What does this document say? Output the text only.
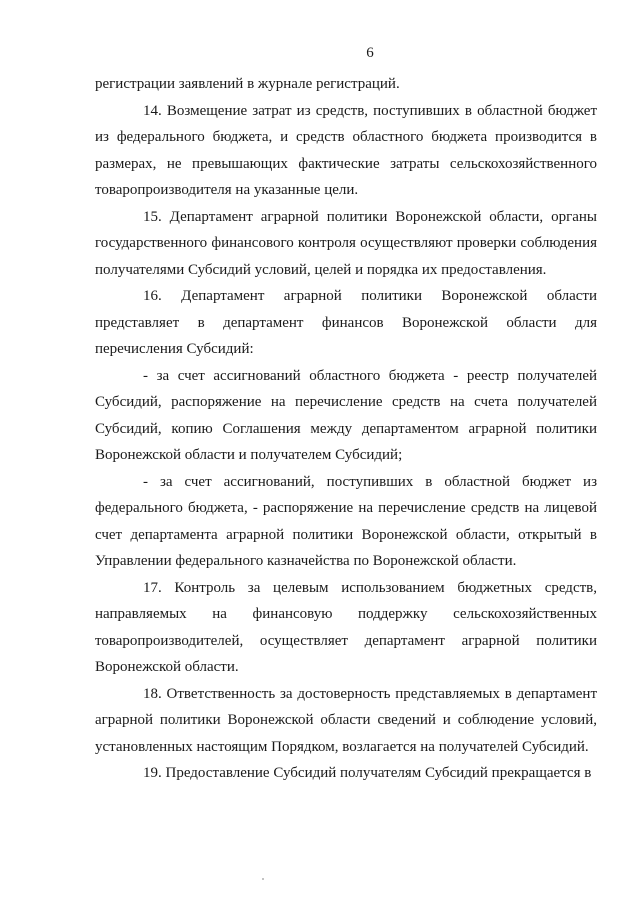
6

регистрации заявлений в журнале регистраций.

14. Возмещение затрат из средств, поступивших в областной бюджет из федерального бюджета, и средств областного бюджета производится в размерах, не превышающих фактические затраты сельскохозяйственного товаропроизводителя на указанные цели.

15. Департамент аграрной политики Воронежской области, органы государственного финансового контроля осуществляют проверки соблюдения получателями Субсидий условий, целей и порядка их предоставления.

16. Департамент аграрной политики Воронежской области представляет в департамент финансов Воронежской области для перечисления Субсидий:

- за счет ассигнований областного бюджета - реестр получателей Субсидий, распоряжение на перечисление средств на счета получателей Субсидий, копию Соглашения между департаментом аграрной политики Воронежской области и получателем Субсидий;

- за счет ассигнований, поступивших в областной бюджет из федерального бюджета, - распоряжение на перечисление средств на лицевой счет департамента аграрной политики Воронежской области, открытый в Управлении федерального казначейства по Воронежской области.

17. Контроль за целевым использованием бюджетных средств, направляемых на финансовую поддержку сельскохозяйственных товаропроизводителей, осуществляет департамент аграрной политики Воронежской области.

18. Ответственность за достоверность представляемых в департамент аграрной политики Воронежской области сведений и соблюдение условий, установленных настоящим Порядком, возлагается на получателей Субсидий.

19. Предоставление Субсидий получателям Субсидий прекращается в
